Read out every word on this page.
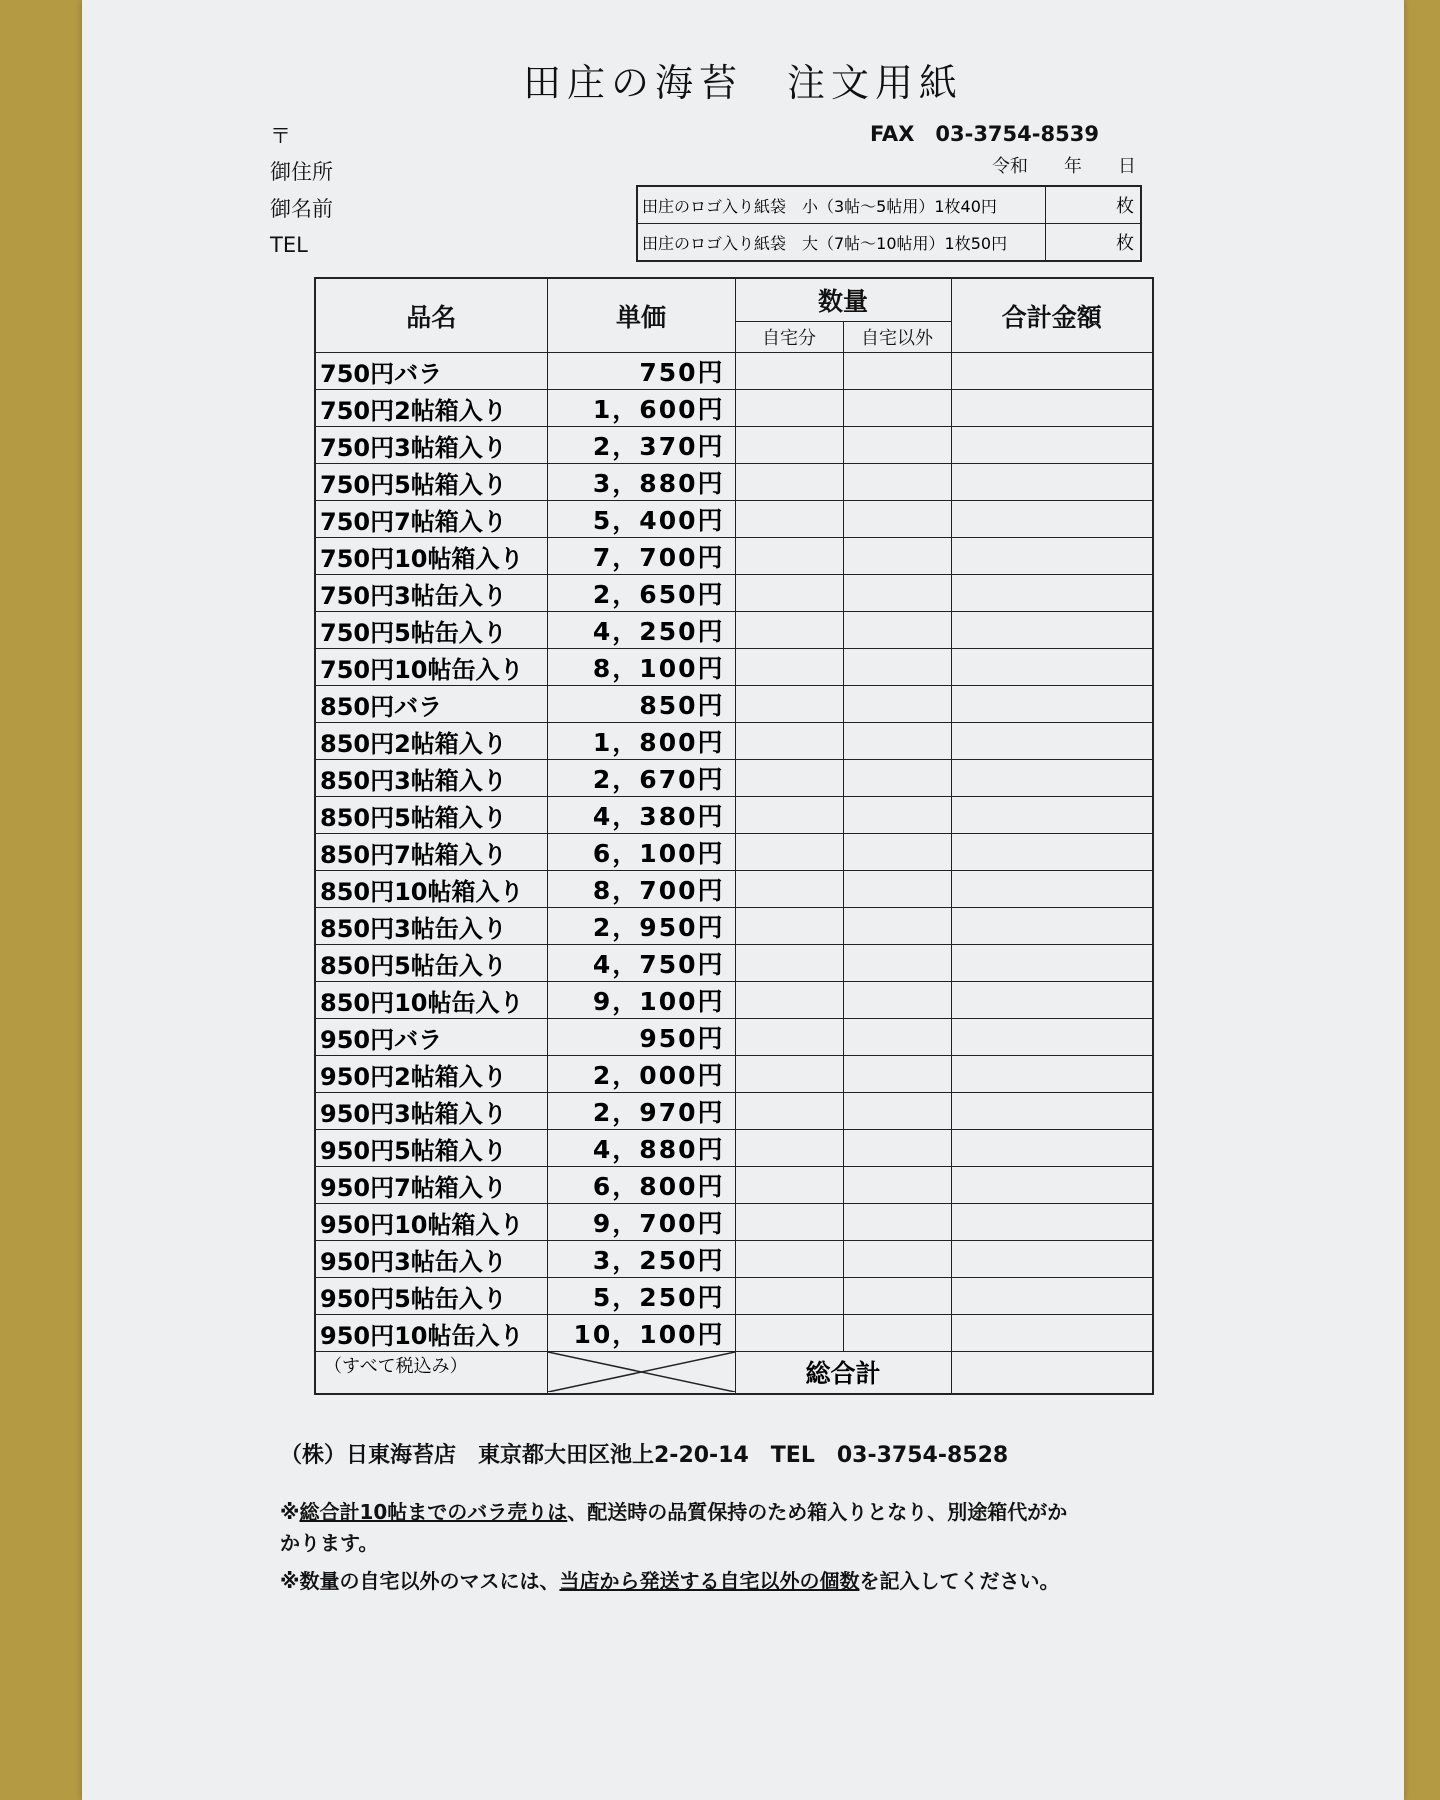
田庄の海苔　注文用紙
〒	FAX　03-3754-8539
令和　　年　　日
御住所
御名前
TEL
田庄のロゴ入り紙袋　小（3帖～5帖用）1枚40円	枚
田庄のロゴ入り紙袋　大（7帖～10帖用）1枚50円	枚
品名	単価	数量		合計金額
		自宅分	自宅以外	
750円バラ	750円			
750円2帖箱入り	1，600円			
750円3帖箱入り	2，370円			
750円5帖箱入り	3，880円			
750円7帖箱入り	5，400円			
750円10帖箱入り	7，700円			
750円3帖缶入り	2，650円			
750円5帖缶入り	4，250円			
750円10帖缶入り	8，100円			
850円バラ	850円			
850円2帖箱入り	1，800円			
850円3帖箱入り	2，670円			
850円5帖箱入り	4，380円			
850円7帖箱入り	6，100円			
850円10帖箱入り	8，700円			
850円3帖缶入り	2，950円			
850円5帖缶入り	4，750円			
850円10帖缶入り	9，100円			
950円バラ	950円			
950円2帖箱入り	2，000円			
950円3帖箱入り	2，970円			
950円5帖箱入り	4，880円			
950円7帖箱入り	6，800円			
950円10帖箱入り	9，700円			
950円3帖缶入り	3，250円			
950円5帖缶入り	5，250円			
950円10帖缶入り	10，100円			
（すべて税込み）		総合計		
（株）日東海苔店　東京都大田区池上2-20-14　TEL　03-3754-8528
※総合計10帖までのバラ売りは、配送時の品質保持のため箱入りとなり、別途箱代がか
かります。
※数量の自宅以外のマスには、当店から発送する自宅以外の個数を記入してください。
